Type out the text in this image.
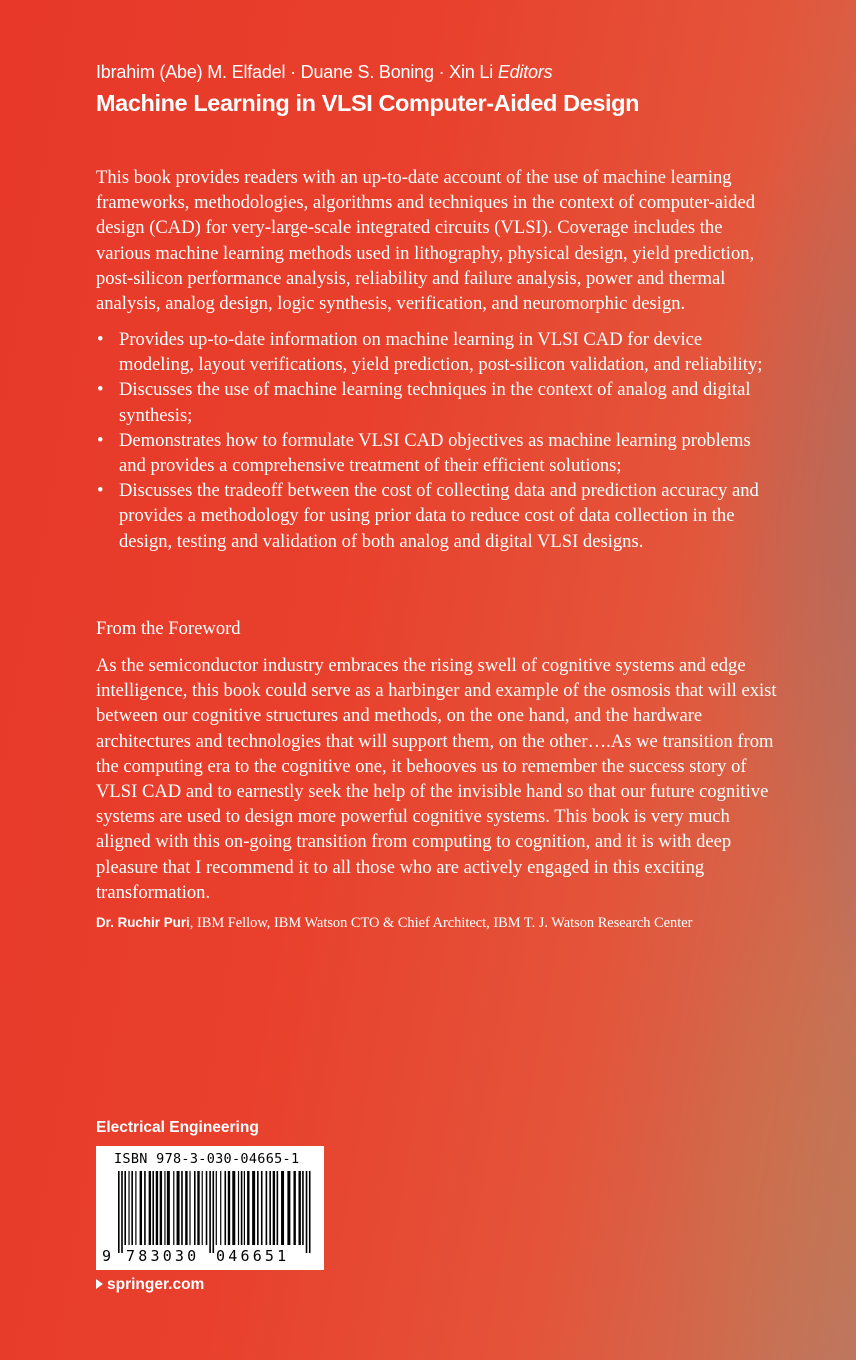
Ibrahim (Abe) M. Elfadel · Duane S. Boning · Xin Li Editors
Machine Learning in VLSI Computer-Aided Design
This book provides readers with an up-to-date account of the use of machine learning frameworks, methodologies, algorithms and techniques in the context of computer-aided design (CAD) for very-large-scale integrated circuits (VLSI). Coverage includes the various machine learning methods used in lithography, physical design, yield prediction, post-silicon performance analysis, reliability and failure analysis, power and thermal analysis, analog design, logic synthesis, verification, and neuromorphic design.
• Provides up-to-date information on machine learning in VLSI CAD for device modeling, layout verifications, yield prediction, post-silicon validation, and reliability;
• Discusses the use of machine learning techniques in the context of analog and digital synthesis;
• Demonstrates how to formulate VLSI CAD objectives as machine learning problems and provides a comprehensive treatment of their efficient solutions;
• Discusses the tradeoff between the cost of collecting data and prediction accuracy and provides a methodology for using prior data to reduce cost of data collection in the design, testing and validation of both analog and digital VLSI designs.
From the Foreword
As the semiconductor industry embraces the rising swell of cognitive systems and edge intelligence, this book could serve as a harbinger and example of the osmosis that will exist between our cognitive structures and methods, on the one hand, and the hardware architectures and technologies that will support them, on the other….As we transition from the computing era to the cognitive one, it behooves us to remember the success story of VLSI CAD and to earnestly seek the help of the invisible hand so that our future cognitive systems are used to design more powerful cognitive systems. This book is very much aligned with this on-going transition from computing to cognition, and it is with deep pleasure that I recommend it to all those who are actively engaged in this exciting transformation.
Dr. Ruchir Puri, IBM Fellow, IBM Watson CTO & Chief Architect, IBM T. J. Watson Research Center
Electrical Engineering
ISBN 978-3-030-04665-1
9 783030 046651
springer.com
